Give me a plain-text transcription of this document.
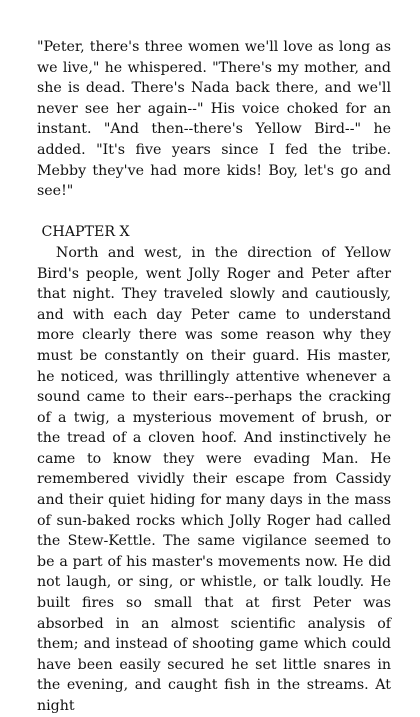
"Peter, there's three women we'll love as long as we live," he whispered. "There's my mother, and she is dead. There's Nada back there, and we'll never see her again--" His voice choked for an instant. "And then--there's Yellow Bird--" he added. "It's five years since I fed the tribe. Mebby they've had more kids! Boy, let's go and see!"

CHAPTER X

North and west, in the direction of Yellow Bird's people, went Jolly Roger and Peter after that night. They traveled slowly and cautiously, and with each day Peter came to understand more clearly there was some reason why they must be constantly on their guard. His master, he noticed, was thrillingly attentive whenever a sound came to their ears--perhaps the cracking of a twig, a mysterious movement of brush, or the tread of a cloven hoof. And instinctively he came to know they were evading Man. He remembered vividly their escape from Cassidy and their quiet hiding for many days in the mass of sun-baked rocks which Jolly Roger had called the Stew-Kettle. The same vigilance seemed to be a part of his master's movements now. He did not laugh, or sing, or whistle, or talk loudly. He built fires so small that at first Peter was absorbed in an almost scientific analysis of them; and instead of shooting game which could have been easily secured he set little snares in the evening, and caught fish in the streams. At night
